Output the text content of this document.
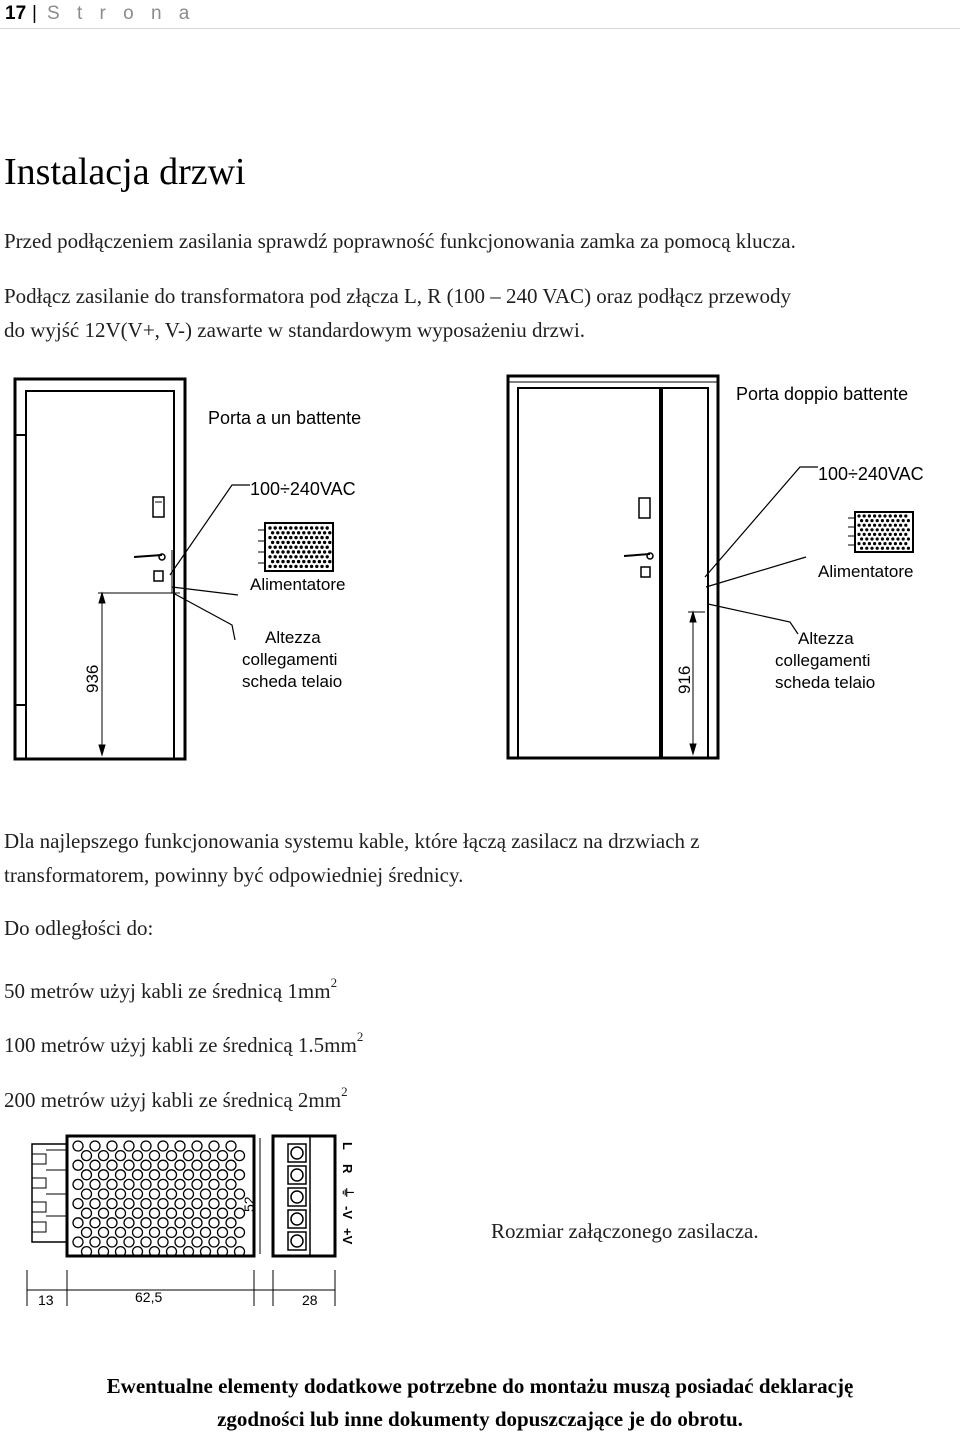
17 | S t r o n a
Instalacja drzwi

Przed podłączeniem zasilania sprawdź poprawność funkcjonowania zamka za pomocą klucza.

Podłącz zasilanie do transformatora pod złącza L, R (100 – 240 VAC) oraz podłącz przewody

do wyjść 12V(V+, V-) zawarte w standardowym wyposażeniu drzwi.

Porta a un battente
100÷240VAC
Alimentatore
Altezza
collegamenti
scheda telaio
936
Porta doppio battente
100÷240VAC
Alimentatore
Altezza
collegamenti
scheda telaio
916

Dla najlepszego funkcjonowania systemu kable, które łączą zasilacz na drzwiach z

transformatorem, powinny być odpowiedniej średnicy.

Do odległości do:

50 metrów użyj kabli ze średnicą $1mm^2$

100 metrów użyj kabli ze średnicą $1.5mm^2$

200 metrów użyj kabli ze średnicą $2mm^2$

52
13	62,5	28
L
R
⏚
-V
+V	Rozmiar załączonego zasilacza.

Ewentualne elementy dodatkowe potrzebne do montażu muszą posiadać deklarację

zgodności lub inne dokumenty dopuszczające je do obrotu.
